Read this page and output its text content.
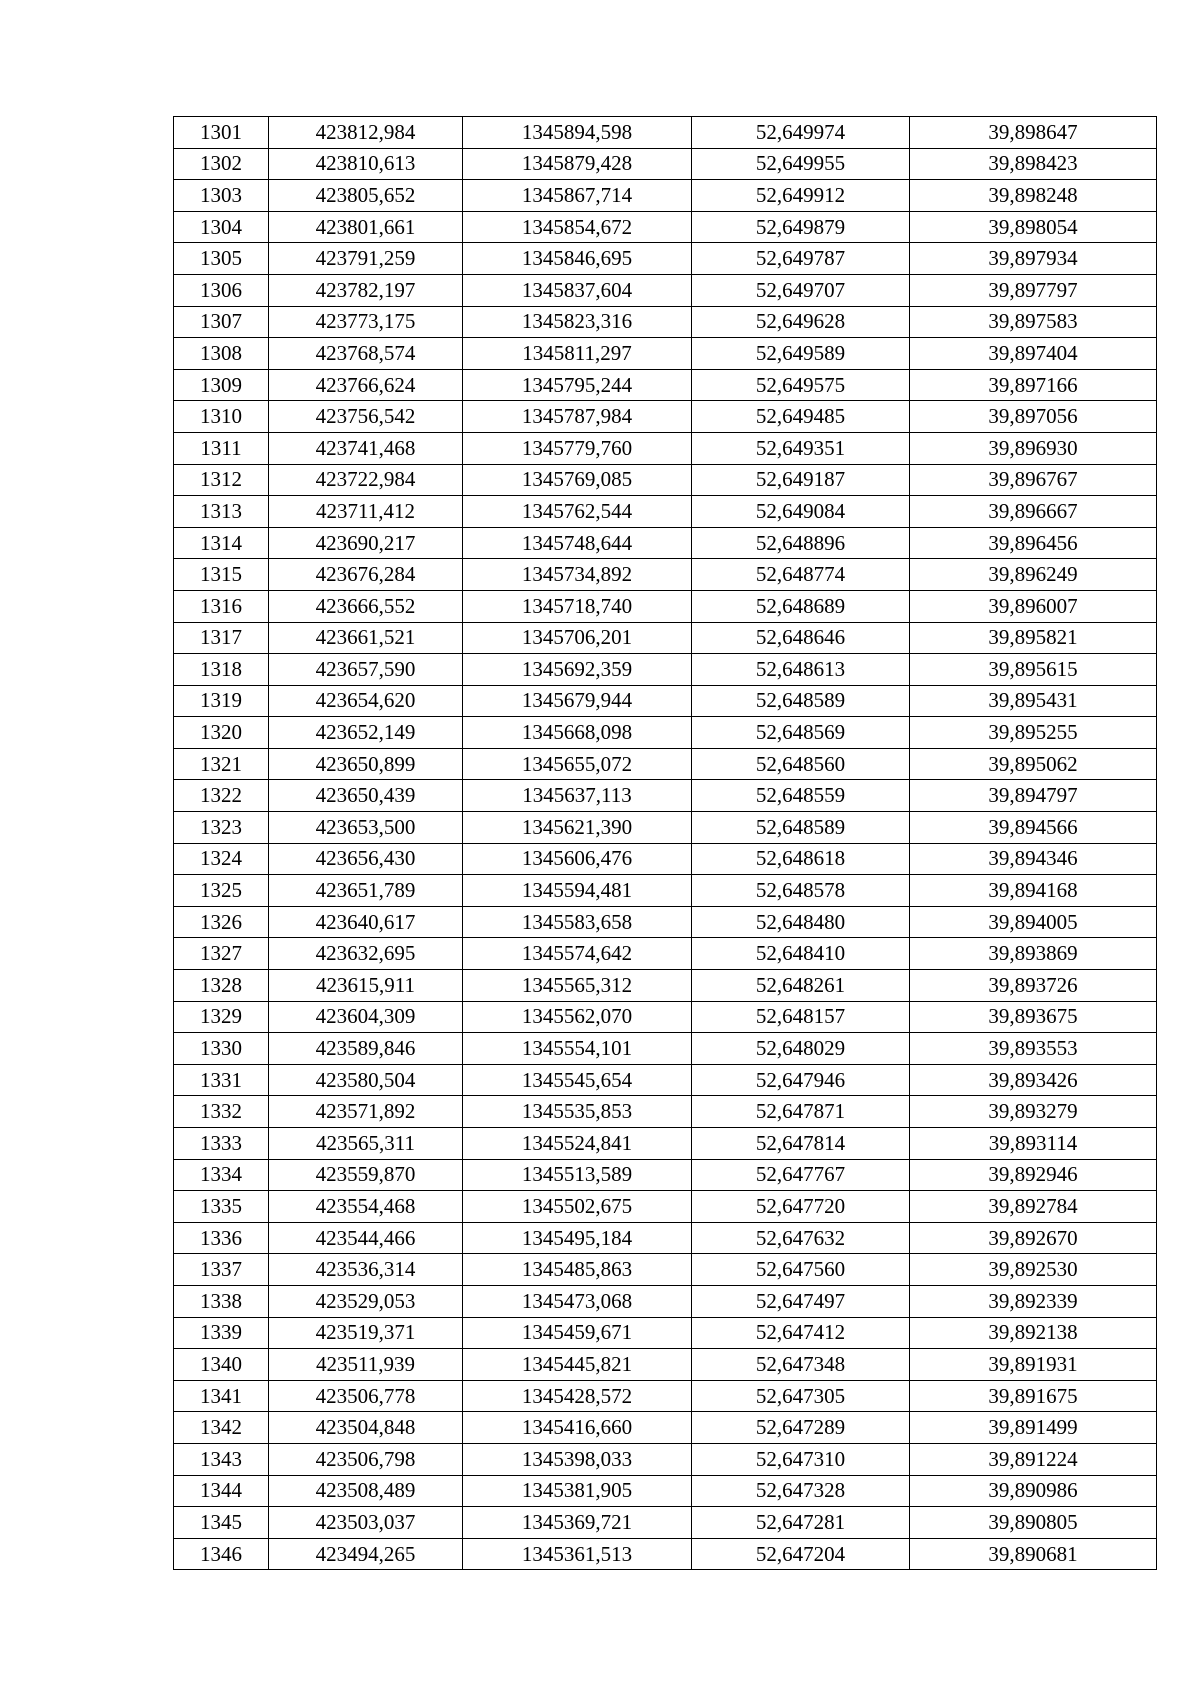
1301	423812,984	1345894,598	52,649974	39,898647
1302	423810,613	1345879,428	52,649955	39,898423
1303	423805,652	1345867,714	52,649912	39,898248
1304	423801,661	1345854,672	52,649879	39,898054
1305	423791,259	1345846,695	52,649787	39,897934
1306	423782,197	1345837,604	52,649707	39,897797
1307	423773,175	1345823,316	52,649628	39,897583
1308	423768,574	1345811,297	52,649589	39,897404
1309	423766,624	1345795,244	52,649575	39,897166
1310	423756,542	1345787,984	52,649485	39,897056
1311	423741,468	1345779,760	52,649351	39,896930
1312	423722,984	1345769,085	52,649187	39,896767
1313	423711,412	1345762,544	52,649084	39,896667
1314	423690,217	1345748,644	52,648896	39,896456
1315	423676,284	1345734,892	52,648774	39,896249
1316	423666,552	1345718,740	52,648689	39,896007
1317	423661,521	1345706,201	52,648646	39,895821
1318	423657,590	1345692,359	52,648613	39,895615
1319	423654,620	1345679,944	52,648589	39,895431
1320	423652,149	1345668,098	52,648569	39,895255
1321	423650,899	1345655,072	52,648560	39,895062
1322	423650,439	1345637,113	52,648559	39,894797
1323	423653,500	1345621,390	52,648589	39,894566
1324	423656,430	1345606,476	52,648618	39,894346
1325	423651,789	1345594,481	52,648578	39,894168
1326	423640,617	1345583,658	52,648480	39,894005
1327	423632,695	1345574,642	52,648410	39,893869
1328	423615,911	1345565,312	52,648261	39,893726
1329	423604,309	1345562,070	52,648157	39,893675
1330	423589,846	1345554,101	52,648029	39,893553
1331	423580,504	1345545,654	52,647946	39,893426
1332	423571,892	1345535,853	52,647871	39,893279
1333	423565,311	1345524,841	52,647814	39,893114
1334	423559,870	1345513,589	52,647767	39,892946
1335	423554,468	1345502,675	52,647720	39,892784
1336	423544,466	1345495,184	52,647632	39,892670
1337	423536,314	1345485,863	52,647560	39,892530
1338	423529,053	1345473,068	52,647497	39,892339
1339	423519,371	1345459,671	52,647412	39,892138
1340	423511,939	1345445,821	52,647348	39,891931
1341	423506,778	1345428,572	52,647305	39,891675
1342	423504,848	1345416,660	52,647289	39,891499
1343	423506,798	1345398,033	52,647310	39,891224
1344	423508,489	1345381,905	52,647328	39,890986
1345	423503,037	1345369,721	52,647281	39,890805
1346	423494,265	1345361,513	52,647204	39,890681
